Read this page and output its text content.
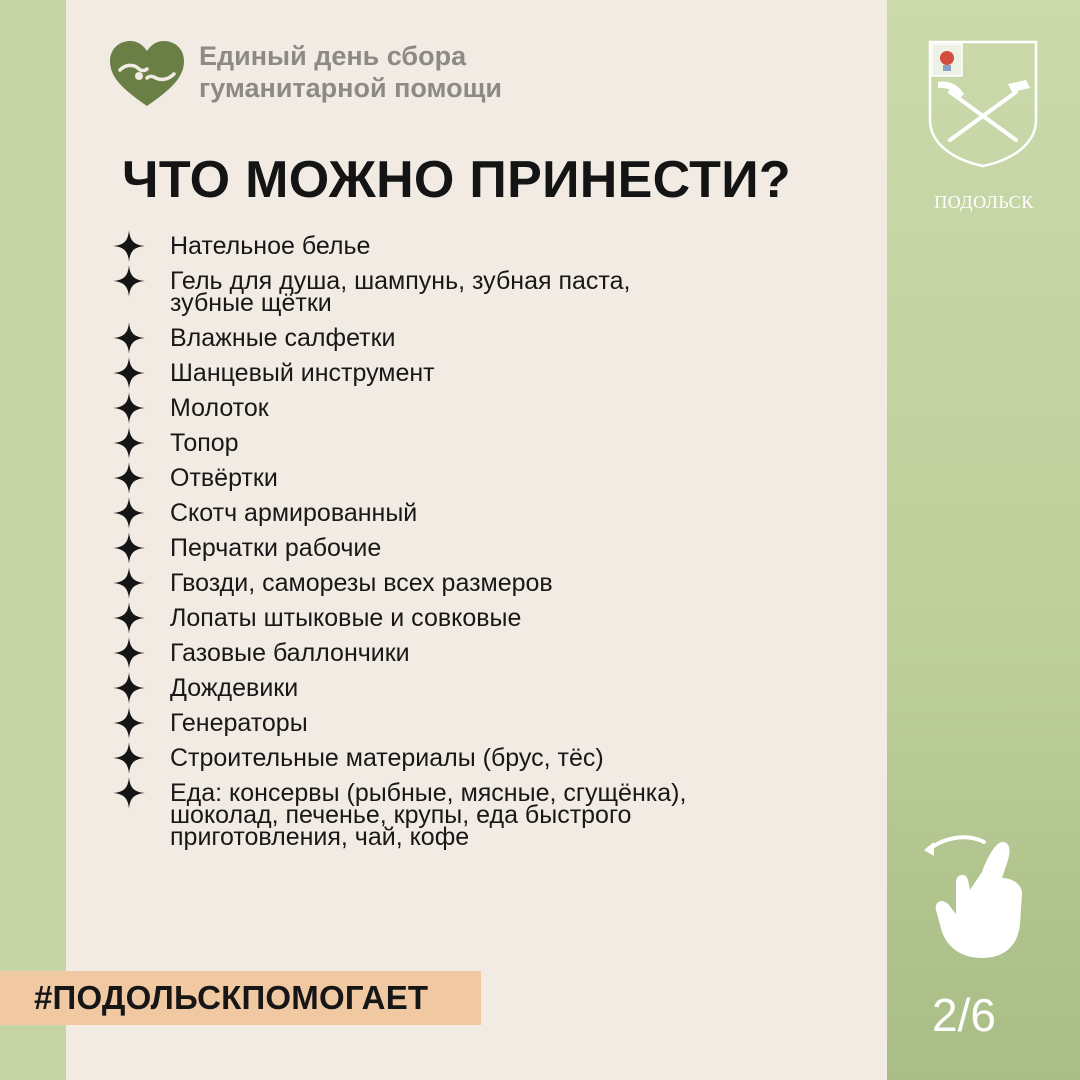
Единый день сбора
гуманитарной помощи
ЧТО МОЖНО ПРИНЕСТИ?
Нательное белье
Гель для душа, шампунь, зубная паста,
зубные щётки
Влажные салфетки
Шанцевый инструмент
Молоток
Топор
Отвёртки
Скотч армированный
Перчатки рабочие
Гвозди, саморезы всех размеров
Лопаты штыковые и совковые
Газовые баллончики
Дождевики
Генераторы
Строительные материалы (брус, тёс)
Еда: консервы (рыбные, мясные, сгущёнка),
шоколад, печенье, крупы, еда быстрого
приготовления, чай, кофе
#ПОДОЛЬСКПОМОГАЕТ
ПОДОЛЬСК
2/6
